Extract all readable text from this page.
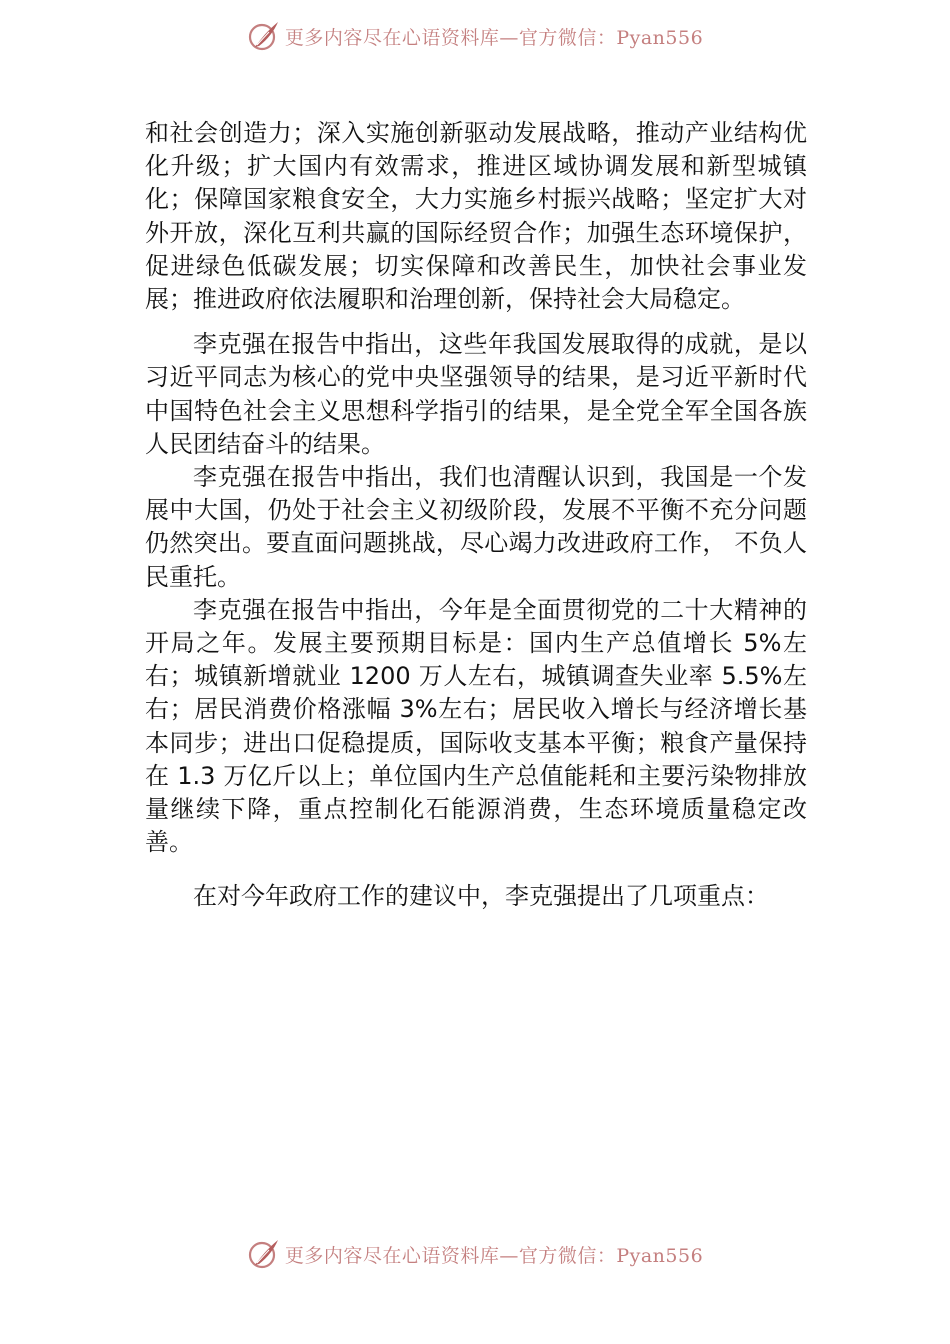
更多内容尽在心语资料库—官方微信：Pyan556

和社会创造力；深入实施创新驱动发展战略，推动产业结构优化升级；扩大国内有效需求，推进区域协调发展和新型城镇化；保障国家粮食安全，大力实施乡村振兴战略；坚定扩大对外开放，深化互利共赢的国际经贸合作；加强生态环境保护，促进绿色低碳发展；切实保障和改善民生，加快社会事业发展；推进政府依法履职和治理创新，保持社会大局稳定。

李克强在报告中指出，这些年我国发展取得的成就，是以习近平同志为核心的党中央坚强领导的结果，是习近平新时代中国特色社会主义思想科学指引的结果，是全党全军全国各族人民团结奋斗的结果。

李克强在报告中指出，我们也清醒认识到，我国是一个发展中大国，仍处于社会主义初级阶段，发展不平衡不充分问题仍然突出。要直面问题挑战，尽心竭力改进政府工作， 不负人民重托。

李克强在报告中指出，今年是全面贯彻党的二十大精神的开局之年。发展主要预期目标是：国内生产总值增长 5%左右；城镇新增就业 1200 万人左右，城镇调查失业率 5.5%左右；居民消费价格涨幅 3%左右；居民收入增长与经济增长基本同步；进出口促稳提质，国际收支基本平衡；粮食产量保持在 1.3 万亿斤以上；单位国内生产总值能耗和主要污染物排放量继续下降，重点控制化石能源消费，生态环境质量稳定改善。

在对今年政府工作的建议中，李克强提出了几项重点：

更多内容尽在心语资料库—官方微信：Pyan556
